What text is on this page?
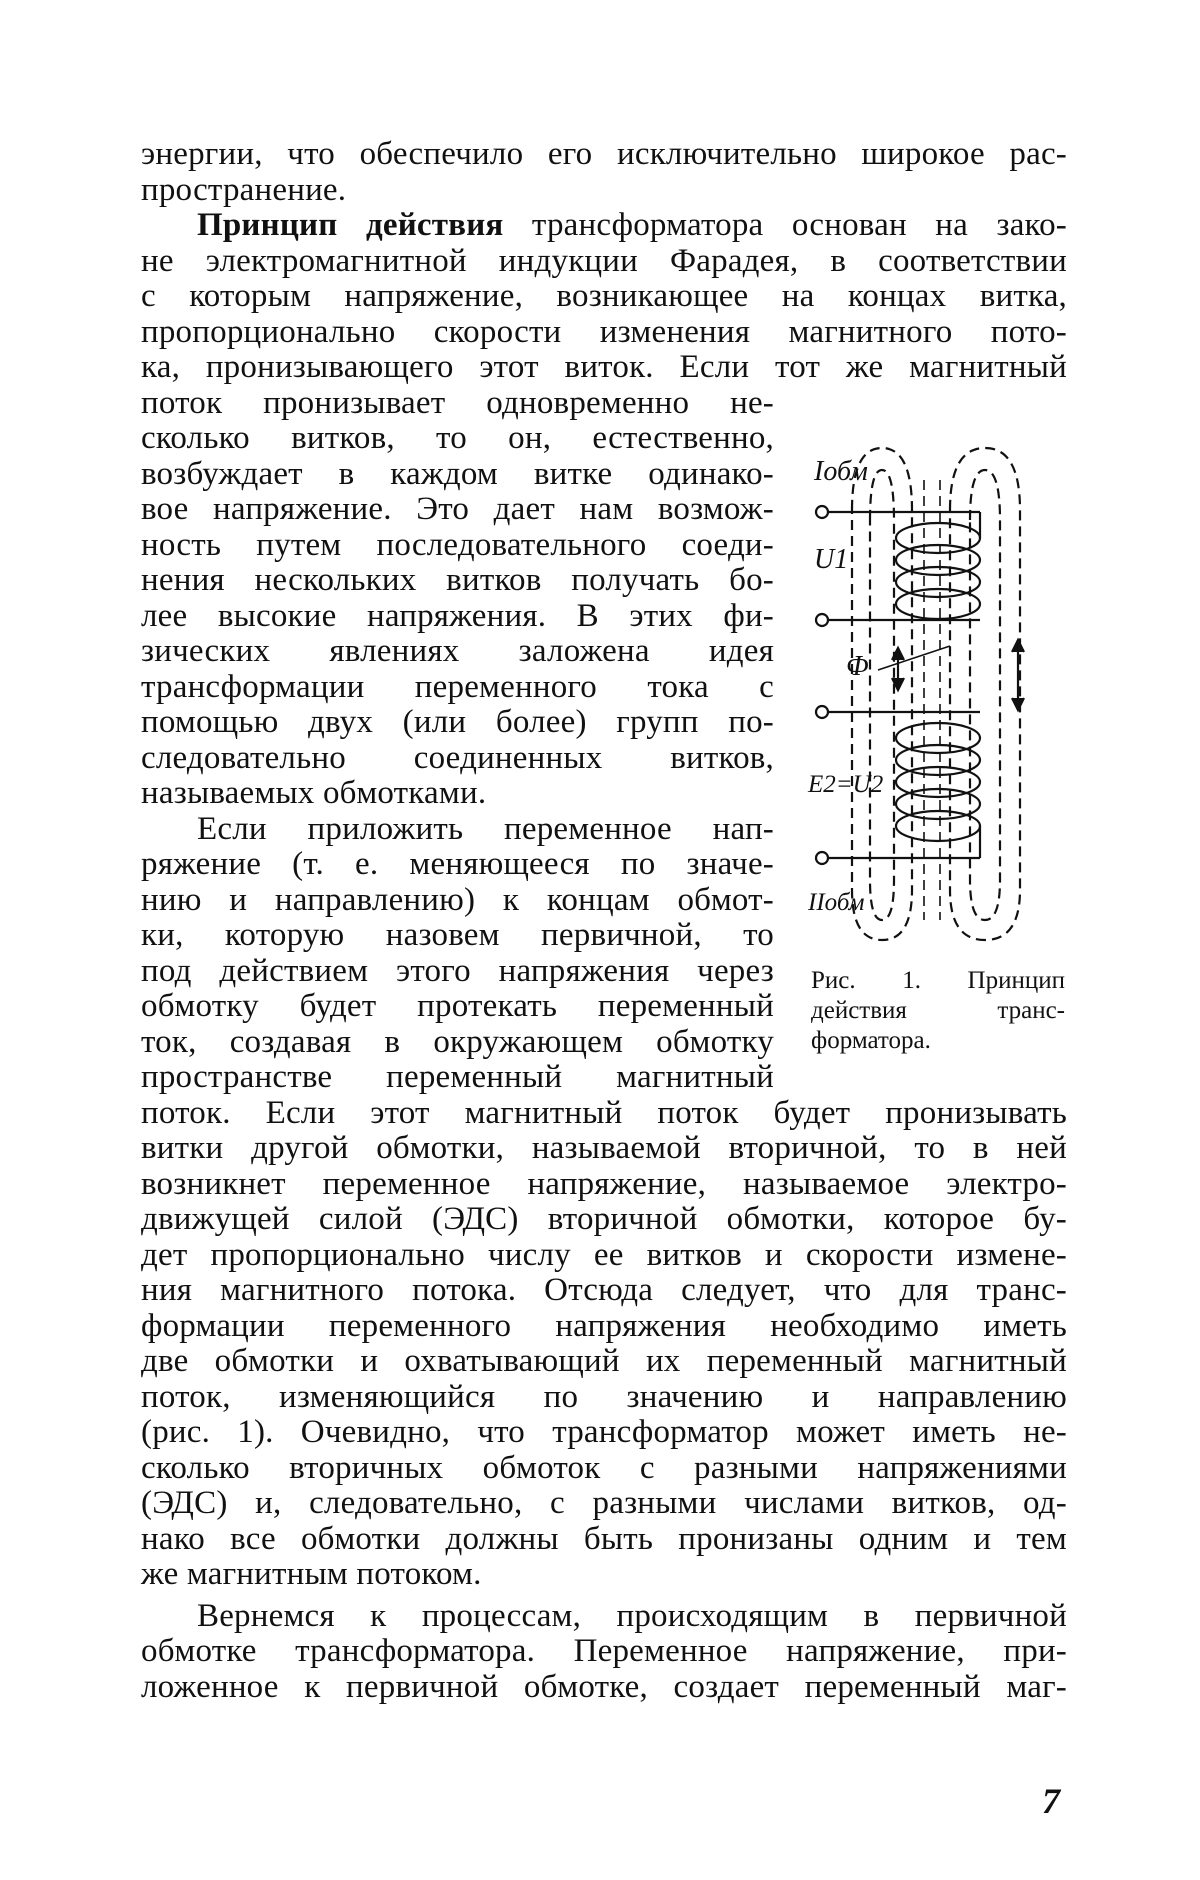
энергии, что обеспечило его исключительно широкое рас-
пространение.
Принцип действия трансформатора основан на зако-
не электромагнитной индукции Фарадея, в соответствии
с которым напряжение, возникающее на концах витка,
пропорционально скорости изменения магнитного пото-
ка, пронизывающего этот виток. Если тот же магнитный
поток пронизывает одновременно не-
сколько витков, то он, естественно,
возбуждает в каждом витке одинако-
вое напряжение. Это дает нам возмож-
ность путем последовательного соеди-
нения нескольких витков получать бо-
лее высокие напряжения. В этих фи-
зических явлениях заложена идея
трансформации переменного тока с
помощью двух (или более) групп по-
следовательно соединенных витков,
называемых обмотками.
Если приложить переменное нап-
ряжение (т. е. меняющееся по значе-
нию и направлению) к концам обмот-
ки, которую назовем первичной, то
под действием этого напряжения через
обмотку будет протекать переменный
ток, создавая в окружающем обмотку
пространстве переменный магнитный
поток. Если этот магнитный поток будет пронизывать
витки другой обмотки, называемой вторичной, то в ней
возникнет переменное напряжение, называемое электро-
движущей силой (ЭДС) вторичной обмотки, которое бу-
дет пропорционально числу ее витков и скорости измене-
ния магнитного потока. Отсюда следует, что для транс-
формации переменного напряжения необходимо иметь
две обмотки и охватывающий их переменный магнитный
поток, изменяющийся по значению и направлению
(рис. 1). Очевидно, что трансформатор может иметь не-
сколько вторичных обмоток с разными напряжениями
(ЭДС) и, следовательно, с разными числами витков, од-
нако все обмотки должны быть пронизаны одним и тем
же магнитным потоком.
Вернемся к процессам, происходящим в первичной
обмотке трансформатора. Переменное напряжение, при-
ложенное к первичной обмотке, создает переменный маг-
Iобм
U1
Ф
E2=U2
IIобм
Рис. 1. Принцип
действия транс-
форматора.
7
